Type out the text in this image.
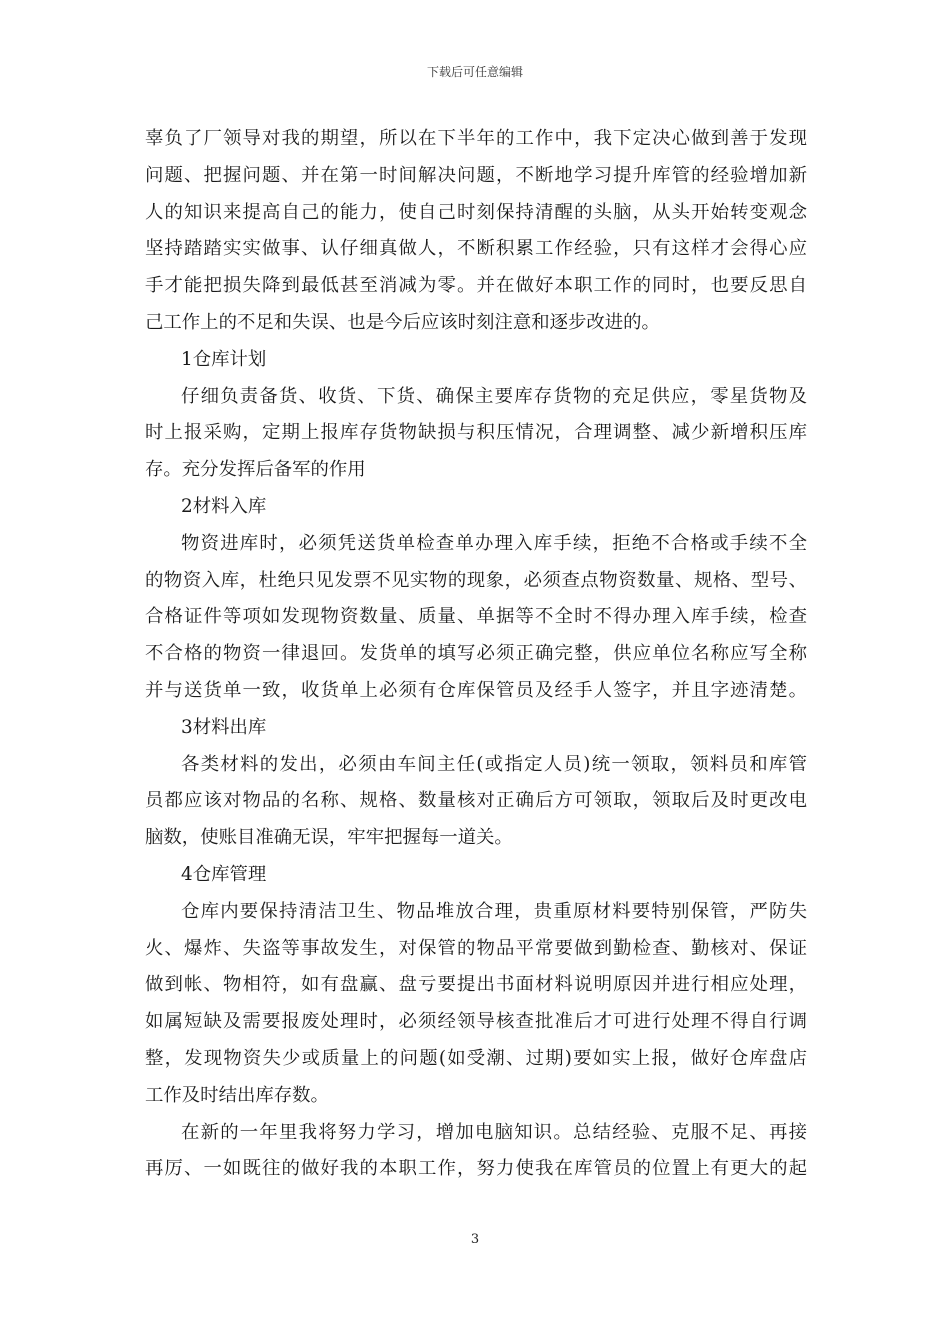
下载后可任意编辑
辜负了厂领导对我的期望，所以在下半年的工作中，我下定决心做到善于发现
问题、把握问题、并在第一时间解决问题，不断地学习提升库管的经验增加新
人的知识来提高自己的能力，使自己时刻保持清醒的头脑，从头开始转变观念
坚持踏踏实实做事、认仔细真做人，不断积累工作经验，只有这样才会得心应
手才能把损失降到最低甚至消减为零。并在做好本职工作的同时，也要反思自
己工作上的不足和失误、也是今后应该时刻注意和逐步改进的。
1仓库计划
仔细负责备货、收货、下货、确保主要库存货物的充足供应，零星货物及
时上报采购，定期上报库存货物缺损与积压情况，合理调整、减少新增积压库
存。充分发挥后备军的作用
2材料入库
物资进库时，必须凭送货单检查单办理入库手续，拒绝不合格或手续不全
的物资入库，杜绝只见发票不见实物的现象，必须查点物资数量、规格、型号、
合格证件等项如发现物资数量、质量、单据等不全时不得办理入库手续，检查
不合格的物资一律退回。发货单的填写必须正确完整，供应单位名称应写全称
并与送货单一致，收货单上必须有仓库保管员及经手人签字，并且字迹清楚。
3材料出库
各类材料的发出，必须由车间主任(或指定人员)统一领取，领料员和库管
员都应该对物品的名称、规格、数量核对正确后方可领取，领取后及时更改电
脑数，使账目准确无误，牢牢把握每一道关。
4仓库管理
仓库内要保持清洁卫生、物品堆放合理，贵重原材料要特别保管，严防失
火、爆炸、失盗等事故发生，对保管的物品平常要做到勤检查、勤核对、保证
做到帐、物相符，如有盘赢、盘亏要提出书面材料说明原因并进行相应处理，
如属短缺及需要报废处理时，必须经领导核查批准后才可进行处理不得自行调
整，发现物资失少或质量上的问题(如受潮、过期)要如实上报，做好仓库盘店
工作及时结出库存数。
在新的一年里我将努力学习，增加电脑知识。总结经验、克服不足、再接
再厉、一如既往的做好我的本职工作，努力使我在库管员的位置上有更大的起
3
